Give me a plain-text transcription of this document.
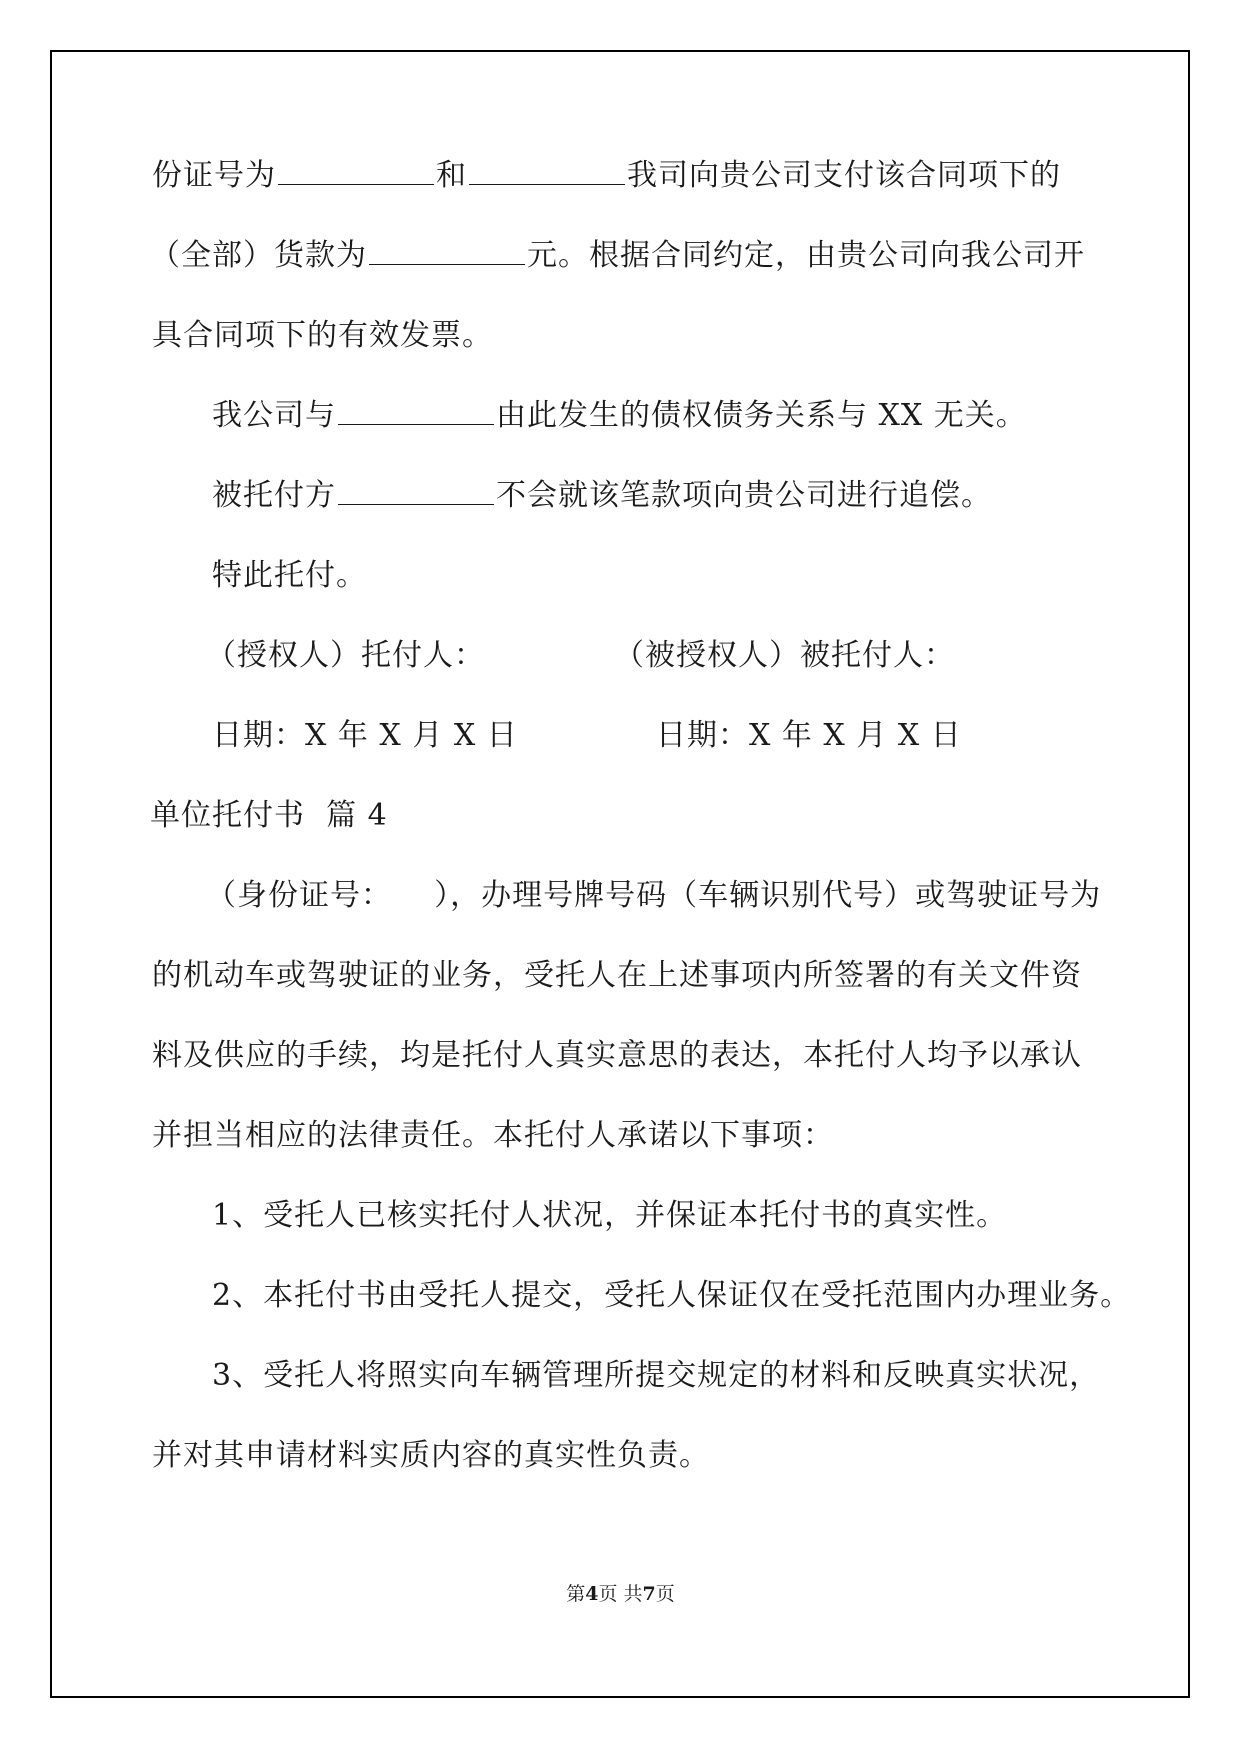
份证号为	和	我司向贵公司支付该合同项下的
（全部）货款为	元。根据合同约定，由贵公司向我公司开
具合同项下的有效发票。
我公司与	由此发生的债权债务关系与 XX 无关。
被托付方	不会就该笔款项向贵公司进行追偿。
特此托付。
（授权人）托付人：	（被授权人）被托付人：
日期：X 年 X 月 X 日	日期：X 年 X 月 X 日
单位托付书  篇 4
（身份证号：    ），办理号牌号码（车辆识别代号）或驾驶证号为
的机动车或驾驶证的业务，受托人在上述事项内所签署的有关文件资
料及供应的手续，均是托付人真实意思的表达，本托付人均予以承认
并担当相应的法律责任。本托付人承诺以下事项：
1、受托人已核实托付人状况，并保证本托付书的真实性。
2、本托付书由受托人提交，受托人保证仅在受托范围内办理业务。
3、受托人将照实向车辆管理所提交规定的材料和反映真实状况，
并对其申请材料实质内容的真实性负责。
第4页 共7页
